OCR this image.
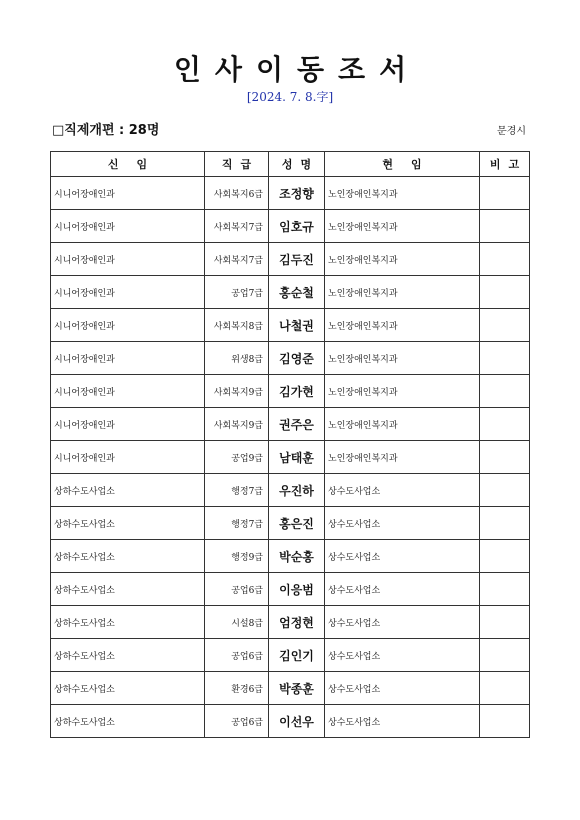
인사이동조서
[2024. 7. 8.字]
□직제개편 : 28명	문경시
신임	직급	성명	현임	비고
시니어장애인과	사회복지6급	조정향	노인장애인복지과	
시니어장애인과	사회복지7급	임호규	노인장애인복지과	
시니어장애인과	사회복지7급	김두진	노인장애인복지과	
시니어장애인과	공업7급	홍순철	노인장애인복지과	
시니어장애인과	사회복지8급	나철권	노인장애인복지과	
시니어장애인과	위생8급	김영준	노인장애인복지과	
시니어장애인과	사회복지9급	김가현	노인장애인복지과	
시니어장애인과	사회복지9급	권주은	노인장애인복지과	
시니어장애인과	공업9급	남태훈	노인장애인복지과	
상하수도사업소	행정7급	우진하	상수도사업소	
상하수도사업소	행정7급	홍은진	상수도사업소	
상하수도사업소	행정9급	박순홍	상수도사업소	
상하수도사업소	공업6급	이응범	상수도사업소	
상하수도사업소	시설8급	엄정현	상수도사업소	
상하수도사업소	공업6급	김인기	상수도사업소	
상하수도사업소	환경6급	박종훈	상수도사업소	
상하수도사업소	공업6급	이선우	상수도사업소	
